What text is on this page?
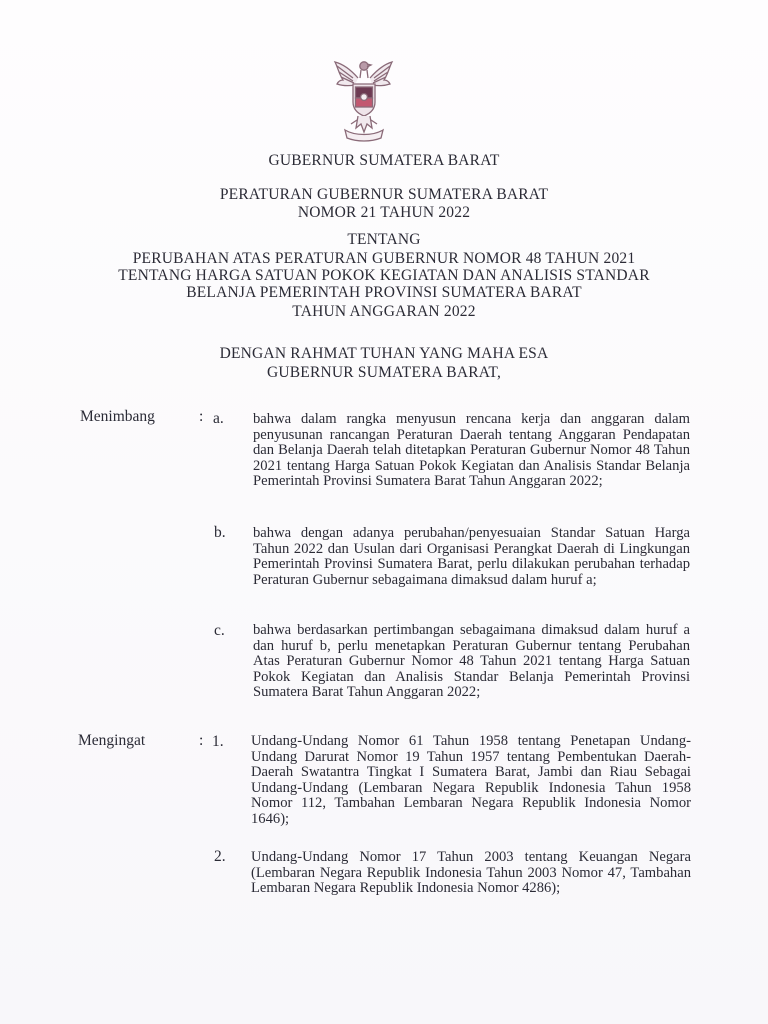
GUBERNUR SUMATERA BARAT
PERATURAN GUBERNUR SUMATERA BARAT
NOMOR 21 TAHUN 2022
TENTANG
PERUBAHAN ATAS PERATURAN GUBERNUR NOMOR 48 TAHUN 2021
TENTANG HARGA SATUAN POKOK KEGIATAN DAN ANALISIS STANDAR
BELANJA PEMERINTAH PROVINSI SUMATERA BARAT
TAHUN ANGGARAN 2022
DENGAN RAHMAT TUHAN YANG MAHA ESA
GUBERNUR SUMATERA BARAT,
Menimbang	: a. bahwa dalam rangka menyusun rencana kerja dan anggaran dalam penyusunan rancangan Peraturan Daerah tentang Anggaran Pendapatan dan Belanja Daerah telah ditetapkan Peraturan Gubernur Nomor 48 Tahun 2021 tentang Harga Satuan Pokok Kegiatan dan Analisis Standar Belanja Pemerintah Provinsi Sumatera Barat Tahun Anggaran 2022;
b. bahwa dengan adanya perubahan/penyesuaian Standar Satuan Harga Tahun 2022 dan Usulan dari Organisasi Perangkat Daerah di Lingkungan Pemerintah Provinsi Sumatera Barat, perlu dilakukan perubahan terhadap Peraturan Gubernur sebagaimana dimaksud dalam huruf a;
c. bahwa berdasarkan pertimbangan sebagaimana dimaksud dalam huruf a dan huruf b, perlu menetapkan Peraturan Gubernur tentang Perubahan Atas Peraturan Gubernur Nomor 48 Tahun 2021 tentang Harga Satuan Pokok Kegiatan dan Analisis Standar Belanja Pemerintah Provinsi Sumatera Barat Tahun Anggaran 2022;
Mengingat	: 1. Undang-Undang Nomor 61 Tahun 1958 tentang Penetapan Undang-Undang Darurat Nomor 19 Tahun 1957 tentang Pembentukan Daerah-Daerah Swatantra Tingkat I Sumatera Barat, Jambi dan Riau Sebagai Undang-Undang (Lembaran Negara Republik Indonesia Tahun 1958 Nomor 112, Tambahan Lembaran Negara Republik Indonesia Nomor 1646);
2. Undang-Undang Nomor 17 Tahun 2003 tentang Keuangan Negara (Lembaran Negara Republik Indonesia Tahun 2003 Nomor 47, Tambahan Lembaran Negara Republik Indonesia Nomor 4286);
